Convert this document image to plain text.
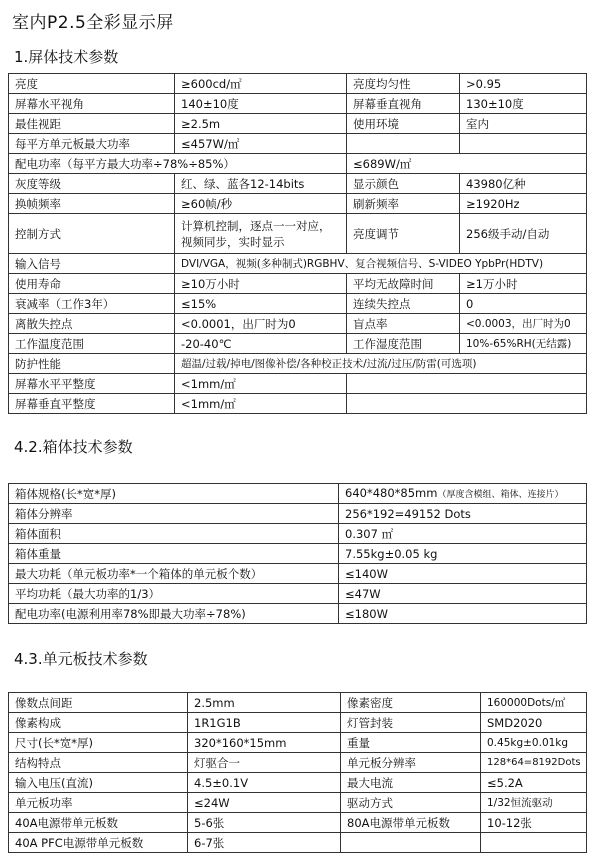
室内P2.5全彩显示屏
1.屏体技术参数
亮度	≥600cd/㎡	亮度均匀性	>0.95
屏幕水平视角	140±10度	屏幕垂直视角	130±10度
最佳视距	≥2.5m	使用环境	室内
每平方单元板最大功率	≤457W/㎡		
配电功率（每平方最大功率÷78%÷85%）		≤689W/㎡	
灰度等级	红、绿、蓝各12-14bits	显示颜色	43980亿种
换帧频率	≥60帧/秒	刷新频率	≥1920Hz
控制方式	计算机控制，逐点一一对应，视频同步，实时显示	亮度调节	256级手动/自动
输入信号	DVI/VGA，视频(多种制式)RGBHV、复合视频信号、S-VIDEO YpbPr(HDTV)		
使用寿命	≥10万小时	平均无故障时间	≥1万小时
衰减率（工作3年）	≤15%	连续失控点	0
离散失控点	<0.0001，出厂时为0	盲点率	<0.0003，出厂时为0
工作温度范围	-20-40℃	工作湿度范围	10%-65%RH(无结露)
防护性能	超温/过载/掉电/图像补偿/各种校正技术/过流/过压/防雷(可选项)		
屏幕水平平整度	<1mm/㎡		
屏幕垂直平整度	<1mm/㎡		
4.2.箱体技术参数
箱体规格(长*宽*厚)	640*480*85mm（厚度含模组、箱体、连接片）
箱体分辨率	256*192=49152 Dots
箱体面积	0.307 ㎡
箱体重量	7.55kg±0.05 kg
最大功耗（单元板功率*一个箱体的单元板个数）	≤140W
平均功耗（最大功率的1/3）	≤47W
配电功率(电源利用率78%即最大功率÷78%)	≤180W
4.3.单元板技术参数
像数点间距	2.5mm	像素密度	160000Dots/㎡
像素构成	1R1G1B	灯管封装	SMD2020
尺寸(长*宽*厚)	320*160*15mm	重量	0.45kg±0.01kg
结构特点	灯驱合一	单元板分辨率	128*64=8192Dots
输入电压(直流)	4.5±0.1V	最大电流	≤5.2A
单元板功率	≤24W	驱动方式	1/32恒流驱动
40A电源带单元板数	5-6张	80A电源带单元板数	10-12张
40A PFC电源带单元板数	6-7张		
